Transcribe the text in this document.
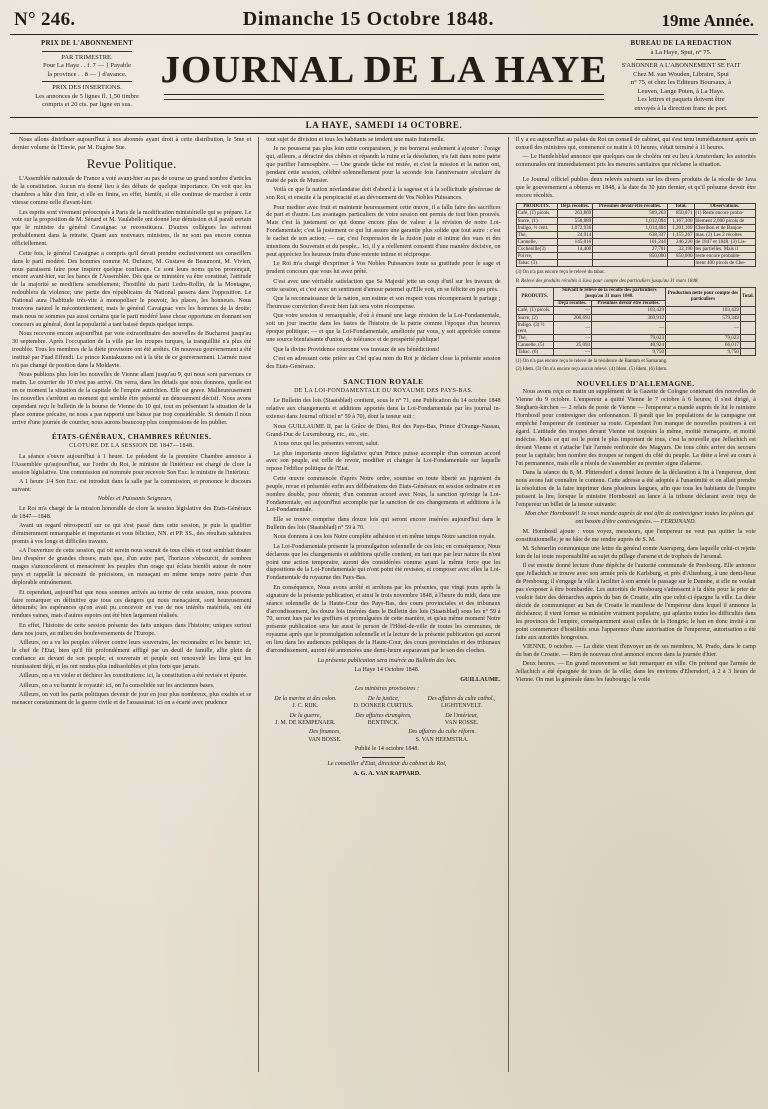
N° 246.	Dimanche 15 Octobre 1848.	19me Année.
PRIX DE L'ABONNEMENT
PAR TRIMESTRE.
Pour La Haye . . f. 7 — } Payable
la province . . 8 — } d'avance.
PRIX DES INSERTIONS.
Les annonces de 5 lignes fl. 1,50 timbre
compris et 20 cts. par ligne en sus.
JOURNAL DE LA HAYE
BUREAU DE LA REDACTION
à La Haye, Spui, n° 75.
S'ABONNER A L'ABONNEMENT SE FAIT
Chez M. van Wouden, Libraire, Spui
n° 75, et chez les Editeurs Boursaux, à
Leuven, Lange Poten, à La Haye.
Les lettres et paquets doivent être
envoyés à la direction franc de port.
LA HAYE, SAMEDI 14 OCTOBRE.

Nous allons distribuer aujourd'hui à nos abonnés ayant droit à cette distribution, le 5me et dernier volume de l'Envie, par M. Eugène Sue.

Revue Politique.

L'Assemblée nationale de France a voté avant-hier au pas de course un grand nombre d'articles de la constitution. Aucun n'a donné lieu à des débats de quelque importance. On voit que les chambres a hâte d'en finir, et elle en finira, en effet, bientôt, si elle continue de marcher à cette vitesse comme celle d'avant-hier.

Les esprits sont vivement préoccupés à Paris de la modification ministérielle qui se prépare. Le vote sur la proposition de M. Sénard et M. Vaulabelle ont donné leur démission et il paraît certain que le ministre du général Cavaignac se reconstituera. D'autres collègues les suivront probablement dans la retraite. Quant aux nouveaux ministres, ils ne sont pas encore connus officiellement.

Cette fois, le général Cavaignac a compris qu'il devait prendre exclusivement ses conseillers dans le parti modéré. Des hommes comme M. Dufaure, M. Gustave de Beaumont, M. Vivien, nous paraissent faire pour inspirer quelque confiance. Ce sont leurs noms qu'on prononçait, encore avant-hier, sur les bancs de l'Assemblée. Dès que ce ministère va être constitué, l'attitude de la majorité se modifiera sensiblement; l'hostilité du parti Ledru-Rollin, de la Montagne, redoublera de violence; une partie des républicains du National passera dans l'opposition. Le National aura l'habitude très-vite à monopoliser le pouvoir, les places, les honneurs. Nous trouvons naturel le mécontentement; mais le général Cavaignac vers les hommes de la droite; mais nous ne sommes pas aussi certains que le parti modéré lasse chose opportune en donnant son concours au général, dont la popularité a tant baissé depuis quelque temps.

Nous recevons encore aujourd'hui par voie extraordinaire des nouvelles de Bucharest jusqu'au 30 septembre. Après l'occupation de la ville par les troupes turques, la tranquillité n'a plus été troublée. Tous les membres de la diète provisoire ont été arrêtés. On nouveau gouvernement a été institué par Fuad Effendi. Le prince Kantakuzeno est à la tête de ce gouvernement. L'armée russe n'a pas changé de position dans la Moldavie.

Nous publions plus loin les nouvelles de Vienne allant jusqu'au 9, qui nous sont parvenues ce matin. Le courrier du 10 n'est pas arrivé. On verra, dans les détails que nous donnons, quelle est en ce moment la situation de la capitale de l'empire autrichien. Elle est grave. Malheureusement les nouvelles s'arrêtent au moment qui semble être présenté un dénouement décisif. Nous avons cependant reçu le bulletin de la bourse de Vienne du 10 qui, tout en présentant la situation de la place comme précaire, ne nous a pas rapporté une baisse par trop considérable. Si demain il nous arrive d'une journée de courrier, nous aurons beaucoup plus compressions de les publier.

ÉTATS-GÉNÉRAUX, CHAMBRES RÉUNIES.
CLOTURE DE LA SESSION DE 1847—1848.

La séance s'ouvre aujourd'hui à 1 heure. Le président de la première Chambre annonce à l'Assemblée qu'aujourd'hui, sur l'ordre du Roi, le ministre de l'intérieur est chargé de clore la session législative. Une commission est nommée pour recevoir Son Exc. le ministre de l'intérieur.

A 1 heure 1/4 Son Exc. est introduit dans la salle par la commission, et prononce le discours suivant:

Nobles et Puissants Seigneurs,

Le Roi m'a chargé de la mission honorable de clore la session législative des Etats-Généraux de 1847—1848.

Avant un regard rétrospectif sur ce qui s'est passé dans cette session, je puis la qualifier d'éminemment remarquable et importante et vous félicitez, NN. et PP. SS., des résultats salutaires promis à vos longs et difficiles travaux.

«A l'ouverture de cette session, qui oit serein nous sourait de tous côtés et tout semblait douter lieu d'espérer de grandes choses; mais que, d'un autre part, l'horizon s'obscurcit, de sombres nuages s'amoncelèrent et menacèrent les peuples d'un orage qui éclata bientôt autour de notre pays et rappelât la nécessité de précisions, en menaçant en même temps notre patrie d'un déplorable entraînement.

Et cependant, aujourd'hui que nous sommes arrivés au terme de cette session, nous pouvons faire remarquer en définitive que tous ces dangers qui nous menaçaient, sont heureusement détournés; les espérances qu'on avait pu concevoir en vue de nos intérêts matériels, ont été rendues vaines, mais d'autres espoirs ont été bien largement réalisés.

En effet, l'histoire de cette session présente des faits uniques dans l'histoire; uniques surtout dans nos jours, au milieu des bouleversements de l'Europe.

Ailleurs, on a vu les peuples s'élever contre leurs souverains, les reconnaître et les bannir: ici, le chef de l'Etat, bien qu'il fût profondément affligé par un deuil de famille, allie plein de confiance au devant de son peuple; et souverain et peuple ont renouvelé les liens qui les réunissaient déjà, et les ont rendus plus indissolubles et plus forts que jamais.

Ailleurs, on a vu violer et déchirer les constitutions: ici, la constitution a été revisée et épurée.

Ailleurs, on a vu bannir le royauté: ici, on l'a consolidée sur les anciennes bases.

Ailleurs, on voit les partis politiques devenir de jour en jour plus nombreux, plus exaltés et se menacer constamment de la guerre civile et de l'assassinat: ici on a écarté avec prudence

tout sujet de division et tous les habitants se tendent une main fraternelle.

Je ne pousserai pas plus loin cette comparaison, je me bornerai seulement à ajouter : l'orage qui, ailleurs, a déraciné des chênes et répandu la ruine et la désolation, n'a fait dans notre patrie que purifier l'atmosphère. — Une grande tâche est restée, et c'est la mission et la nation ont, pendant cette session, célébré solennellement pour la seconde fois l'anniversaire séculaire du traité de paix de Munster.

Voilà ce que la nation néerlandaise doit d'abord à la sagesse et à la sollicitude généreuse de son Roi, et ensuite à la perspicacité et au dévouement de Vos Nobles Puissances.

Pour mediter avec fruit et maintenir heureusement cette œuvre, il a fallu faire des sacrifices de part et d'autre. Les avantages particuliers de votre session ont permis de tout bien prouvés. Mais c'est là justement ce qui donne encore plus de valeur à la révision de notre Loi-Fondamentale; c'est là justement ce qui lui assure une garantie plus solide que tout autre : c'est le cachet de son action; — car, c'est l'expression de la fusion juste et intime des vues et des intentions du Souverain et du peuple... Ici, il y a réellement consenti d'une manière décisive, on peut appréciez les heureux fruits d'une entente intime et réciproque.

Le Roi m'a chargé d'exprimer à Vos Nobles Puissances toute sa gratitude pour le sage et prudent concours que vous lui avez prêté.

C'est avec une véritable satisfaction que Sa Majesté jette un coup d'œil sur les travaux de cette session, et c'est avec un sentiment d'amour paternel qu'Elle voit, en se félicite en peu près.

Que la reconnaissance de la nation, son estime et son respect vous récompensent le partage ; l'heureuse conviction d'avoir bien fait sera votre récompense.

Que votre session si remarquable, d'où à émané une large révision de la Loi-Fondamentale, soit un jour inscrite dans les fastes de l'histoire de la patrie comme l'époque d'un heureux époque politique; — et que la Loi-Fondamentale, améliorée par vous, y soit appréciée comme une source bienfaisante d'union, de tolérance et de prospérité publique!

Que la divine Providence couronne vos travaux de ses bénédictions!

C'est en adressant cette prière au Ciel qu'au nom du Roi je déclare close la présente session des Etats-Généraux.

SANCTION ROYALE
DE LA LOI-FONDAMENTALE DU ROYAUME DES PAYS-BAS.

Le Bulletin des lois (Staatsblad) contient, sous le n° 71, une Publication du 14 octobre 1848 relative aux changements et additions apportés dans la Loi-Fondamentale par les journal in-extenso dans Journal officiel n° 59 à 70), dont la teneur suit :

Nous GUILLAUME II, par la Grâce de Dieu, Roi des Pays-Bas, Prince d'Orange-Nassau, Grand-Duc de Luxembourg, etc., etc., etc.

A tous ceux qui les présentes verront, salut.

La plus importante œuvre législative qu'un Prince puisse accomplir d'un commun accord avec son peuple, est celle de revoir, modifier et changer la Loi-Fondamentale sur laquelle repose l'édifice politique de l'Etat.

Cette œuvre commencée d'après Notre ordre, soumise en toute liberté au jugement du peuple, revue et présentée enfin aux délibérations des Etats-Généraux en session ordinaire et en nombre double, pour obtenir, d'un commun accord avec Nous, la sanction qu'exige la Loi-Fondamentale, est aujourd'hui accomplie par la sanction de ces changements et additions à la Loi-Fondamentale.

Elle se trouve comprise dans douze lois qui seront encore insérées aujourd'hui dans le Bulletin des lois (Staatsblad) n° 59 à 70.

Nous donnons à ces lois Notre complète adhésion et en même temps Notre sanction royale.

La Loi-Fondamentale présente la promulgation solennelle de ces lois; en conséquence, Nous déclarons que les changements et additions qu'elle contient, en tant que par leur nature ils n'ont point une action temporaire, auront dès considérées comme ayant la même force que les dispositions de la Loi-Fondamentale qui n'ont point été revisées, et composer avec elles la Loi-Fondamentale du royaume des Pays-Bas.

En conséquence, Nous avons arrêté et arrêtons par les présentes, que vingt jours après la signature de la présente publication, et ainsi le trois novembre 1848, à l'heure du midi, dans une séance solennelle de la Haute-Cour des Pays-Bas, des cours provinciales et des tribunaux d'arrondissement, les douze lois insérées dans le Bulletin des lois (Staatsblad) sous les n° 59 à 70, seront lues par les greffiers et promulguées de cette manière, et qu'au même moment Notre présente publication sera lue aussi le person de l'Hôtel-de-ville de toutes les communes, de royaume après que le promulgation solennelle et la lecture de la présente publication qui auront en lieu dans les audiences publiques de la Haute-Cour, des cours provinciales et des tribunaux d'arrondissement, auront été annoncées une demi-heure auparavant par le son des cloches.

La présente publication sera insérée au Bulletin des lois.

La Haye 14 Octobre 1848.

GUILLAUME.

Les ministres provisoires :

De la marine et des colon.
J. C. RIJK.
De la justice,
D. DONKER CURTIUS.
Des affaires du culte cathol.,
LIGHTENVELT.
De la guerre,
J. M. DE KEMPENAER.
Des affaires étrangères,
BENTINCK.
De l'intérieur,
VAN ROSSE.
Des finances,
VAN BOSSE.
Des affaires du culte réform.
S. VAN HEEMSTRA.

Publié le 14 octobre 1848.

Le conseiller d'Etat, directeur du cabinet du Roi,

A. G. A. VAN RAPPARD.

Il y a eu aujourd'hui au palais du Roi un conseil de cabinet, qui s'est tenu immédiatement après un conseil des ministres qui, commencé ce matin à 10 heures, s'était terminé à 11 heures.

— Le Handelsblad annonce que quelques cas de choléra ont eu lieu à Amsterdam; les autorités communales ont immédiatement pris les mesures sanitaires que réclame la situation.

Le Journal officiel publies deux relevés suivants sur les divers produits de la récolte de Java que le gouvernement a obtenus en 1848, à la date du 30 juin dernier, et qu'il présume devoir être encore récoltés.

PRODUITS.	Déjà récoltés.	Présumés devoir être récoltés.	Total.	Observations.
Café, (1) picols.	263,869	589,263	850,071	(1) Reste encore proba-
Sucre, (1)	558,889	1,012,094	1,167,300	blement 2,000 picols de
Indigo, ½ cent.	1,072,936	1,014,404	1,201,169	Cheribon et de Banjoe-
Thé,	24,914	638,337	1,155,267	mas. (2) Les 2 récoltes
Cannelle,	145,016	101,244	246,220	de 1847 et 1848. (3) Lis-
Cochenille(3)	14,400	27,701	32,190	tes partielles. Mais il
Poivre,		850,000	850,000	reste encore probable-
Tabac (3).				ment 400 picols de Che-
(3) On n'a pas encore reçu le relevé du tabac.
B. Relevé des produits récoltés à Java pour compte des particuliers jusqu'au 31 mars 1848.
PRODUITS.	Suivant le relevé de la récolte des particuliers jusqu'au 31 mars 1848.		Production nette pour compte des particuliers	Total.
	Déjà récoltés.	Présumés devoir être récoltés.		
Café, (1) picols.	—	103,429	103,429	
Sucre, (2)	206,693	369,912	579,349	
Indigo. (3) ½ cent.	—	—	—	
Thé,	—	79,023	79,023	
Cannelle, (5)	25,093	40,924	66,017	
Tabac. (6)	—	9,750	9,750	
(1) On n'a pas encore reçu le relevé de la résidence de Bantam et Samarang.
(2) Idem. (3) On n'a encore reçu aucun relevé. (4) Idem. (5) Idem. (6) Idem.
NOUVELLES D'ALLEMAGNE.

Nous avons reçu ce matin un supplément de la Gazette de Cologne contenant des nouvelles de Vienne du 9 octobre. L'empereur a quitté Vienne le 7 octobre à 6 heures; il s'est dirigé, à Siegharts-kirchen — 2 relais de poste de Vienne — l'empereur a mandé auprès de lui le ministre Hornbostl pour contresigner des ordonnances. Il paraît que les populations de la campagne ont empêché l'empereur de continuer sa route. Cependant l'on manque de nouvelles positives à cet égard. L'attitude des troupes devant Vienne est toujours la même, moitié menaçante, et moitié indécise. Mais ce qui est le point le plus important de tous, c'est la nouvelle que Jellachich est devant Vienne et s'attache l'air l'armée renforcée des Magyars. De tous côtés arrive des secours pour la capitale; bon nombre des troupes se rangent du côté du peuple. La diète a levé au cours à l'ut permanence, mais elle a résolu de s'assembler au premier signe d'alarme.

Dans la séance du 8, M. Plittersdorf a donné lecture de la déclaration à fin à l'empereur, dont nous avons fait connaître le contenu. Cette adresse a été adoptée à l'unanimité et on allait prendre la résolution de la faire imprimer dans plusieurs langues, afin que tous les habitants de l'empire puissent la lire, lorsque le ministre Hornbostel au lance à la tribune déclarant avoir reçu de l'empereur un billet de la teneur suivante:

Mon cher Hornbostel! Je vous mande auprès de moi afin de contresigner toutes les pièces qui ont besoin d'être contresignées. — FERDINAND.

M. Hornbostl ajoute : vous voyez, messieurs, que l'empereur ne veut pas quitter la voie constitutionnelle; je ne hâte de me rendre auprès de S. M.

M. Schmerlin communique une lettre du général comte Auersperg, dans laquelle celui-ci rejette loin de lui toute responsabilité au sujet du pillage d'arsene et de tropheés de l'arsenal.

Il est ensuite donné lecture d'une dépêche de l'autorité communale de Presbourg. Elle annonce que Jellachich se trouve avec son armée près de Karlsburg, et près d'Altenburg, à une demi-lieue de Presbourg; il s'engage la ville à faciliter à son armée le passage sur le Danube, si elle ne voulait pas s'exposer à être bombardée. Les autorités de Presbourg s'adressent à la diète pour la prier de vouloir faire des démarches auprès du ban de Croatie, afin que celui-ci épargne la ville. La diète décide de communiquer au ban de Croatie le manifeste de l'empereur dans lequel il annonce la déchéance; il vient former sa ministère vraiment populaire, qui aplanira toutes les difficultés dans les provinces de l'empire, conséquemment aussi celles de la Hongrie; le ban en donc invité à ne point commencer d'hostilités sous l'apparence d'une autorisation de l'empereur, autorisation a été faite aux autorités hongroises.

VIENNE, 9 octobre. — La diète vient d'envoyer un de ses membres, M. Prado, dans le camp du ban de Croatie. — Rien de nouveau n'est annoncé encore dans la journée d'hier.

Deux heures. — En grand mouvement se fait remarquer en ville. On prétend que l'armée de Jellachich a été épargnée de tours de la ville; dans les environs d'Ebersdorf, à 2 à 3 lieues de Vienne. On met la générale dans les faubourgs; la voile
